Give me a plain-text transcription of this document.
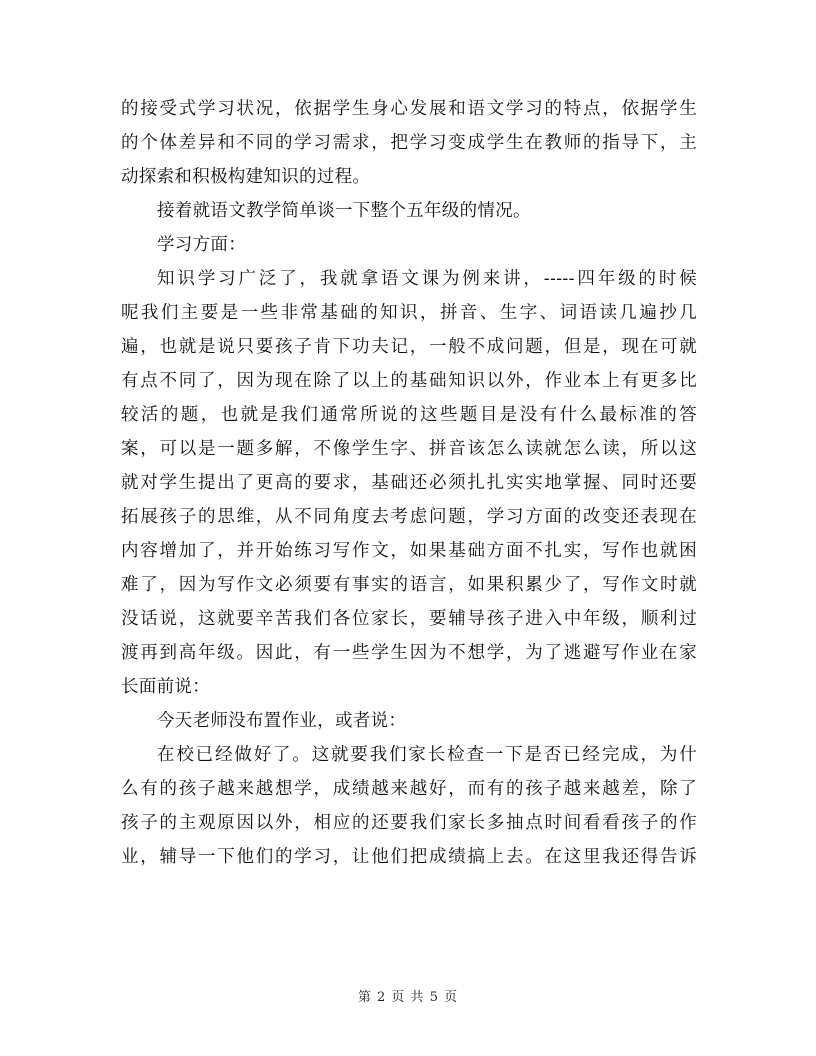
的接受式学习状况，依据学生身心发展和语文学习的特点，依据学生
的个体差异和不同的学习需求，把学习变成学生在教师的指导下，主
动探索和积极构建知识的过程。
接着就语文教学简单谈一下整个五年级的情况。
学习方面：
知识学习广泛了，我就拿语文课为例来讲，-----四年级的时候
呢我们主要是一些非常基础的知识，拼音、生字、词语读几遍抄几
遍，也就是说只要孩子肯下功夫记，一般不成问题，但是，现在可就
有点不同了，因为现在除了以上的基础知识以外，作业本上有更多比
较活的题，也就是我们通常所说的这些题目是没有什么最标准的答
案，可以是一题多解，不像学生字、拼音该怎么读就怎么读，所以这
就对学生提出了更高的要求，基础还必须扎扎实实地掌握、同时还要
拓展孩子的思维，从不同角度去考虑问题，学习方面的改变还表现在
内容增加了，并开始练习写作文，如果基础方面不扎实，写作也就困
难了，因为写作文必须要有事实的语言，如果积累少了，写作文时就
没话说，这就要辛苦我们各位家长，要辅导孩子进入中年级，顺利过
渡再到高年级。因此，有一些学生因为不想学，为了逃避写作业在家
长面前说：
今天老师没布置作业，或者说：
在校已经做好了。这就要我们家长检查一下是否已经完成，为什
么有的孩子越来越想学，成绩越来越好，而有的孩子越来越差，除了
孩子的主观原因以外，相应的还要我们家长多抽点时间看看孩子的作
业，辅导一下他们的学习，让他们把成绩搞上去。在这里我还得告诉
第 2 页 共 5 页
